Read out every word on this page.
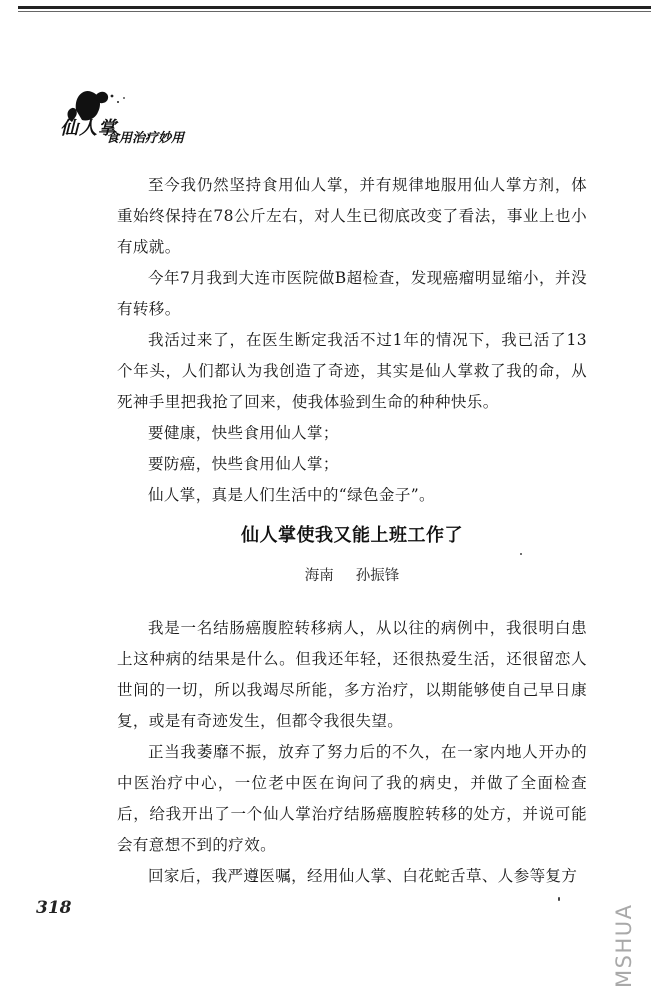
仙人掌
食用治疗妙用

至今我仍然坚持食用仙人掌，并有规律地服用仙人掌方剂，体重始终保持在78公斤左右，对人生已彻底改变了看法，事业上也小有成就。

今年7月我到大连市医院做B超检查，发现癌瘤明显缩小，并没有转移。

我活过来了，在医生断定我活不过1年的情况下，我已活了13个年头，人们都认为我创造了奇迹，其实是仙人掌救了我的命，从死神手里把我抢了回来，使我体验到生命的种种快乐。

要健康，快些食用仙人掌；

要防癌，快些食用仙人掌；

仙人掌，真是人们生活中的“绿色金子”。

仙人掌使我又能上班工作了
海南 孙振锋

我是一名结肠癌腹腔转移病人，从以往的病例中，我很明白患上这种病的结果是什么。但我还年轻，还很热爱生活，还很留恋人世间的一切，所以我竭尽所能，多方治疗，以期能够使自己早日康复，或是有奇迹发生，但都令我很失望。

正当我萎靡不振，放弃了努力后的不久，在一家内地人开办的中医治疗中心，一位老中医在询问了我的病史，并做了全面检查后，给我开出了一个仙人掌治疗结肠癌腹腔转移的处方，并说可能会有意想不到的疗效。

回家后，我严遵医嘱，经用仙人掌、白花蛇舌草、人参等复方

318	MSHUA
